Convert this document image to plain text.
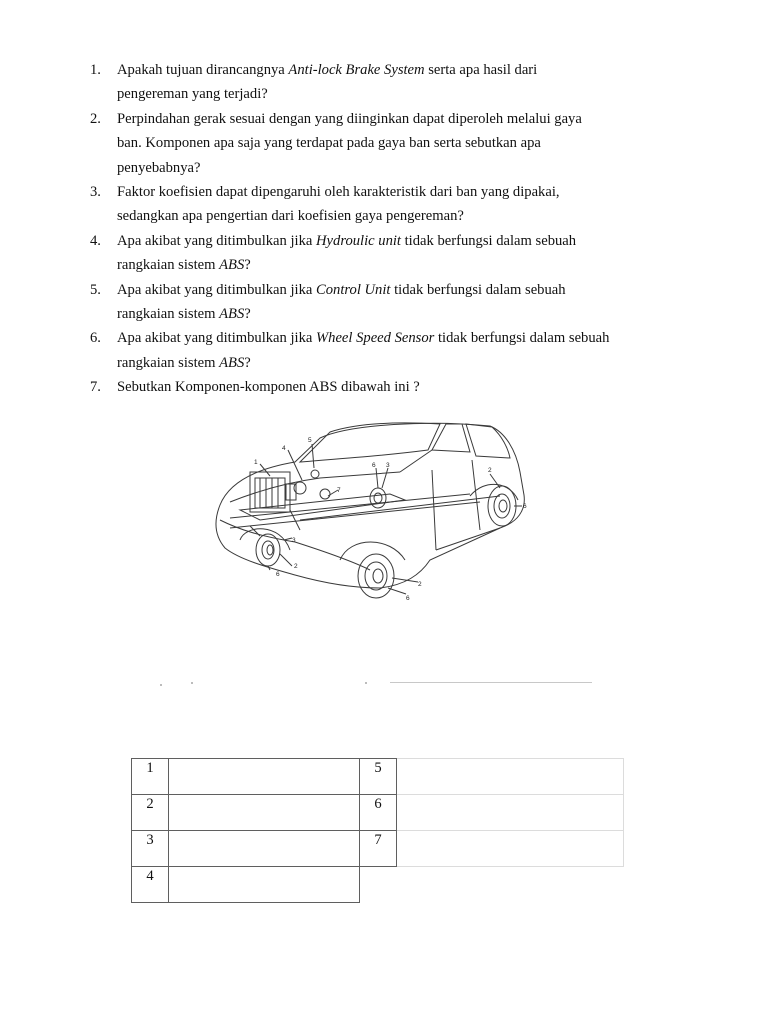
1. Apakah tujuan dirancangnya Anti-lock Brake System serta apa hasil dari pengereman yang terjadi?
2. Perpindahan gerak sesuai dengan yang diinginkan dapat diperoleh melalui gaya ban. Komponen apa saja yang terdapat pada gaya ban serta sebutkan apa penyebabnya?
3. Faktor koefisien dapat dipengaruhi oleh karakteristik dari ban yang dipakai, sedangkan apa pengertian dari koefisien gaya pengereman?
4. Apa akibat yang ditimbulkan jika Hydroulic unit tidak berfungsi dalam sebuah rangkaian sistem ABS?
5. Apa akibat yang ditimbulkan jika Control Unit tidak berfungsi dalam sebuah rangkaian sistem ABS?
6. Apa akibat yang ditimbulkan jika Wheel Speed Sensor tidak berfungsi dalam sebuah rangkaian sistem ABS?
7. Sebutkan Komponen-komponen ABS dibawah ini ?
1
4
5
7
6 3
2
6
3
2
6
2
6
1		5	
2		6	
3		7	
4			
